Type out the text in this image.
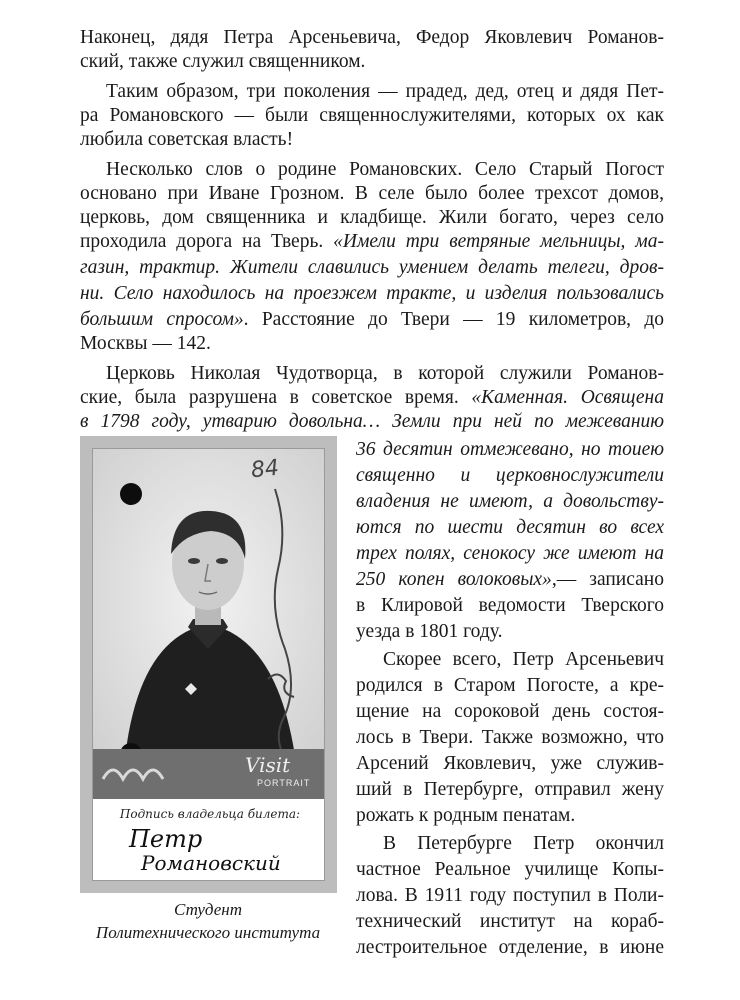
Наконец, дядя Петра Арсеньевича, Федор Яковлевич Романов-
ский, также служил священником.
Таким образом, три поколения — прадед, дед, отец и дядя Пет-
ра Романовского — были священнослужителями, которых ох как
любила советская власть!
Несколько слов о родине Романовских. Село Старый Погост
основано при Иване Грозном. В селе было более трехсот домов,
церковь, дом священника и кладбище. Жили богато, через село
проходила дорога на Тверь. «Имели три ветряные мельницы, ма-
газин, трактир. Жители славились умением делать телеги, дров-
ни. Село находилось на проезжем тракте, и изделия пользовались
большим спросом». Расстояние до Твери — 19 километров, до
Москвы — 142.
Церковь Николая Чудотворца, в которой служили Романов-
ские, была разрушена в советское время. «Каменная. Освящена
в 1798 году, утварию довольна… Земли при ней по межеванию
36 десятин отмежевано, но тоиею
священно и церковнослужители
владения не имеют, а довольству-
ются по шести десятин во всех
трех полях, сенокосу же имеют на
250 копен волоковых»,— записано
в Клировой ведомости Тверского
уезда в 1801 году.
Скорее всего, Петр Арсеньевич
родился в Старом Погосте, а кре-
щение на сороковой день состоя-
лось в Твери. Также возможно, что
Арсений Яковлевич, уже служив-
ший в Петербурге, отправил жену
рожать к родным пенатам.
В Петербурге Петр окончил
частное Реальное училище Копы-
лова. В 1911 году поступил в Поли-
технический институт на кораб-
лестроительное отделение, в июне
84
Visit
PORTRAIT
Подпись владельца билета:
Петр
Романовский
Студент
Политехнического института
